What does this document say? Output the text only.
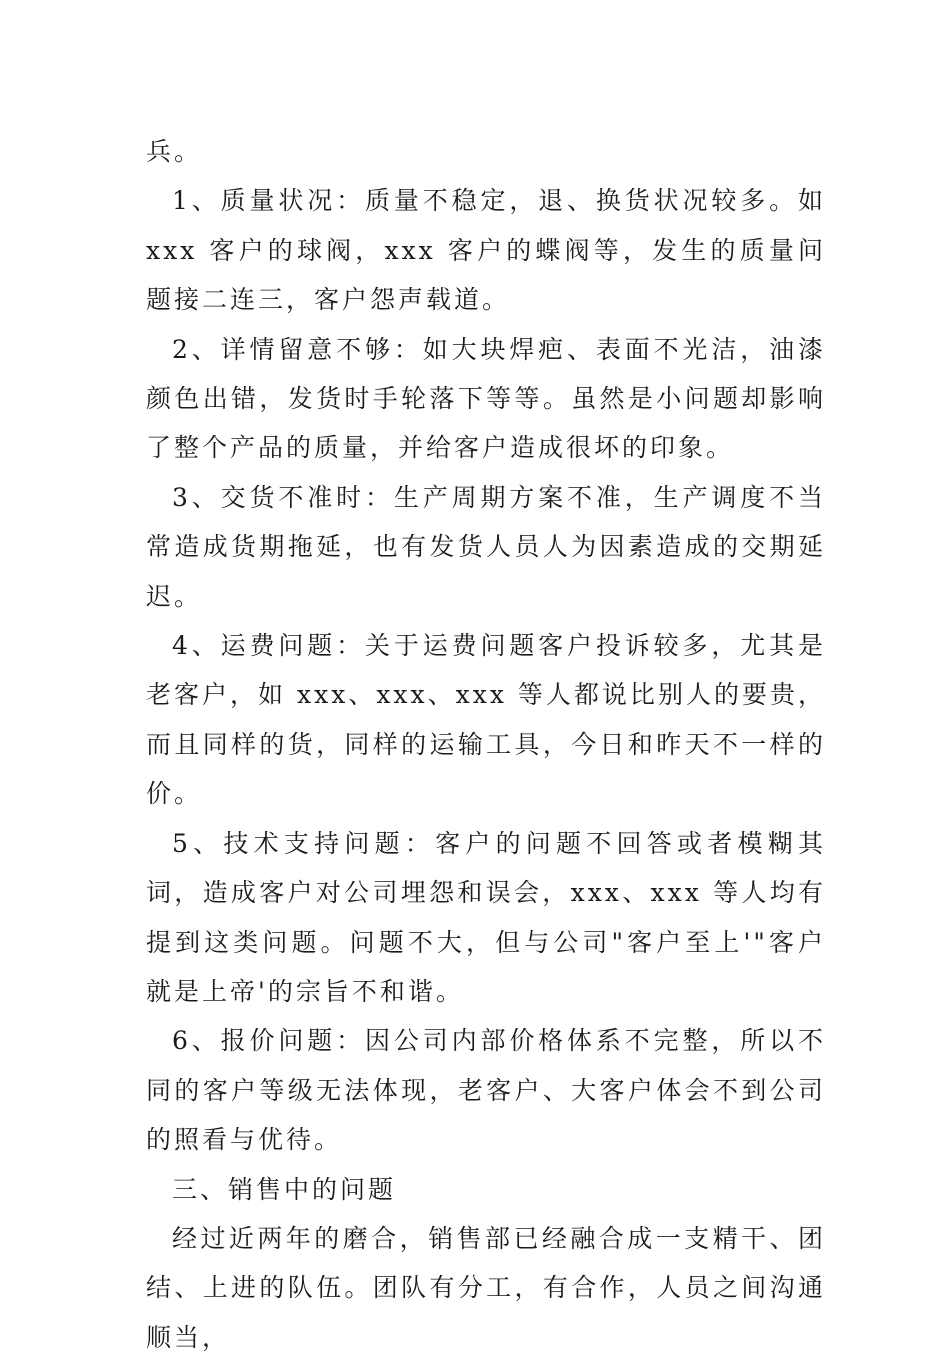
兵。

1、质量状况：质量不稳定，退、换货状况较多。如 xxx 客户的球阀，xxx 客户的蝶阀等，发生的质量问题接二连三，客户怨声载道。

2、详情留意不够：如大块焊疤、表面不光洁，油漆颜色出错，发货时手轮落下等等。虽然是小问题却影响了整个产品的质量，并给客户造成很坏的印象。

3、交货不准时：生产周期方案不准，生产调度不当常造成货期拖延，也有发货人员人为因素造成的交期延迟。

4、运费问题：关于运费问题客户投诉较多，尤其是老客户，如 xxx、xxx、xxx 等人都说比别人的要贵，而且同样的货，同样的运输工具，今日和昨天不一样的价。

5、技术支持问题：客户的问题不回答或者模糊其词，造成客户对公司埋怨和误会，xxx、xxx 等人均有提到这类问题。问题不大，但与公司"客户至上'"客户就是上帝'的宗旨不和谐。

6、报价问题：因公司内部价格体系不完整，所以不同的客户等级无法体现，老客户、大客户体会不到公司的照看与优待。

三、销售中的问题

经过近两年的磨合，销售部已经融合成一支精干、团结、上进的队伍。团队有分工，有合作，人员之间沟通顺当，
